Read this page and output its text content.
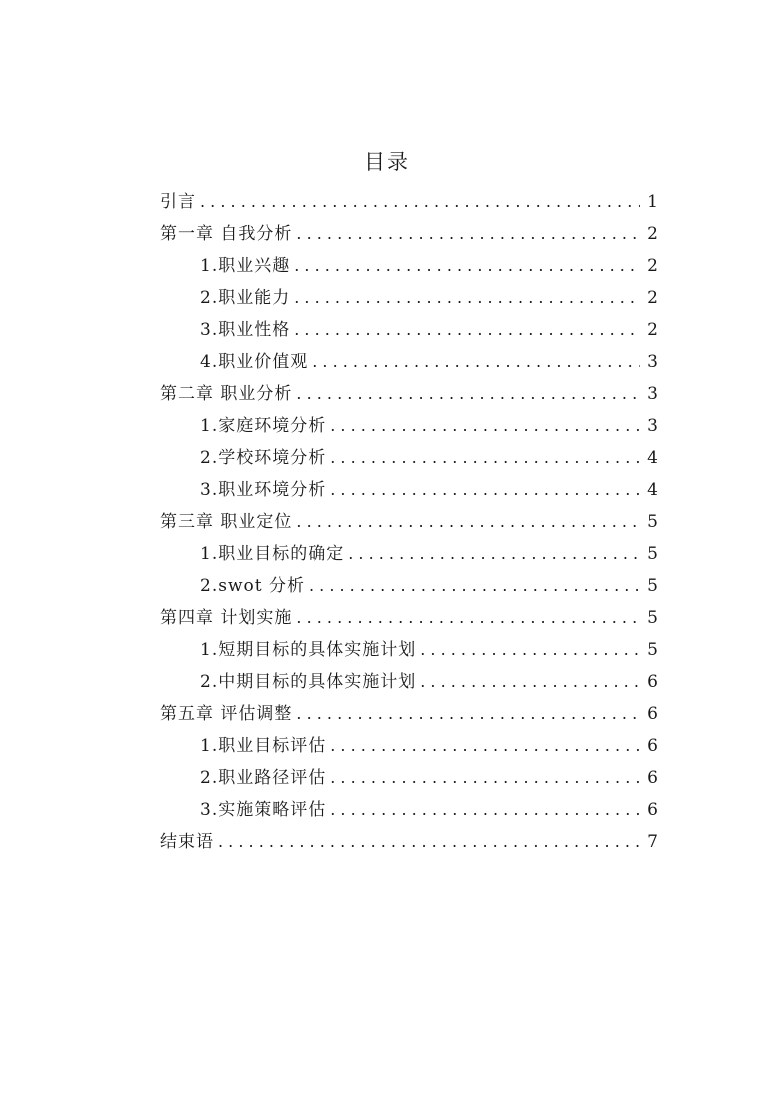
目录
引言 . . .	1
第一章 自我分析 . . .	2
1.职业兴趣 . . .	2
2.职业能力 . . .	2
3.职业性格 . . .	2
4.职业价值观 . . .	3
第二章 职业分析 . . .	3
1.家庭环境分析 . . .	3
2.学校环境分析 . . .	4
3.职业环境分析 . . .	4
第三章 职业定位 . . .	5
1.职业目标的确定 . . .	5
2.swot 分析 . . .	5
第四章 计划实施 . . .	5
1.短期目标的具体实施计划 . . .	5
2.中期目标的具体实施计划 . . .	6
第五章 评估调整 . . .	6
1.职业目标评估 . . .	6
2.职业路径评估 . . .	6
3.实施策略评估 . . .	6
结束语 . . .	7
